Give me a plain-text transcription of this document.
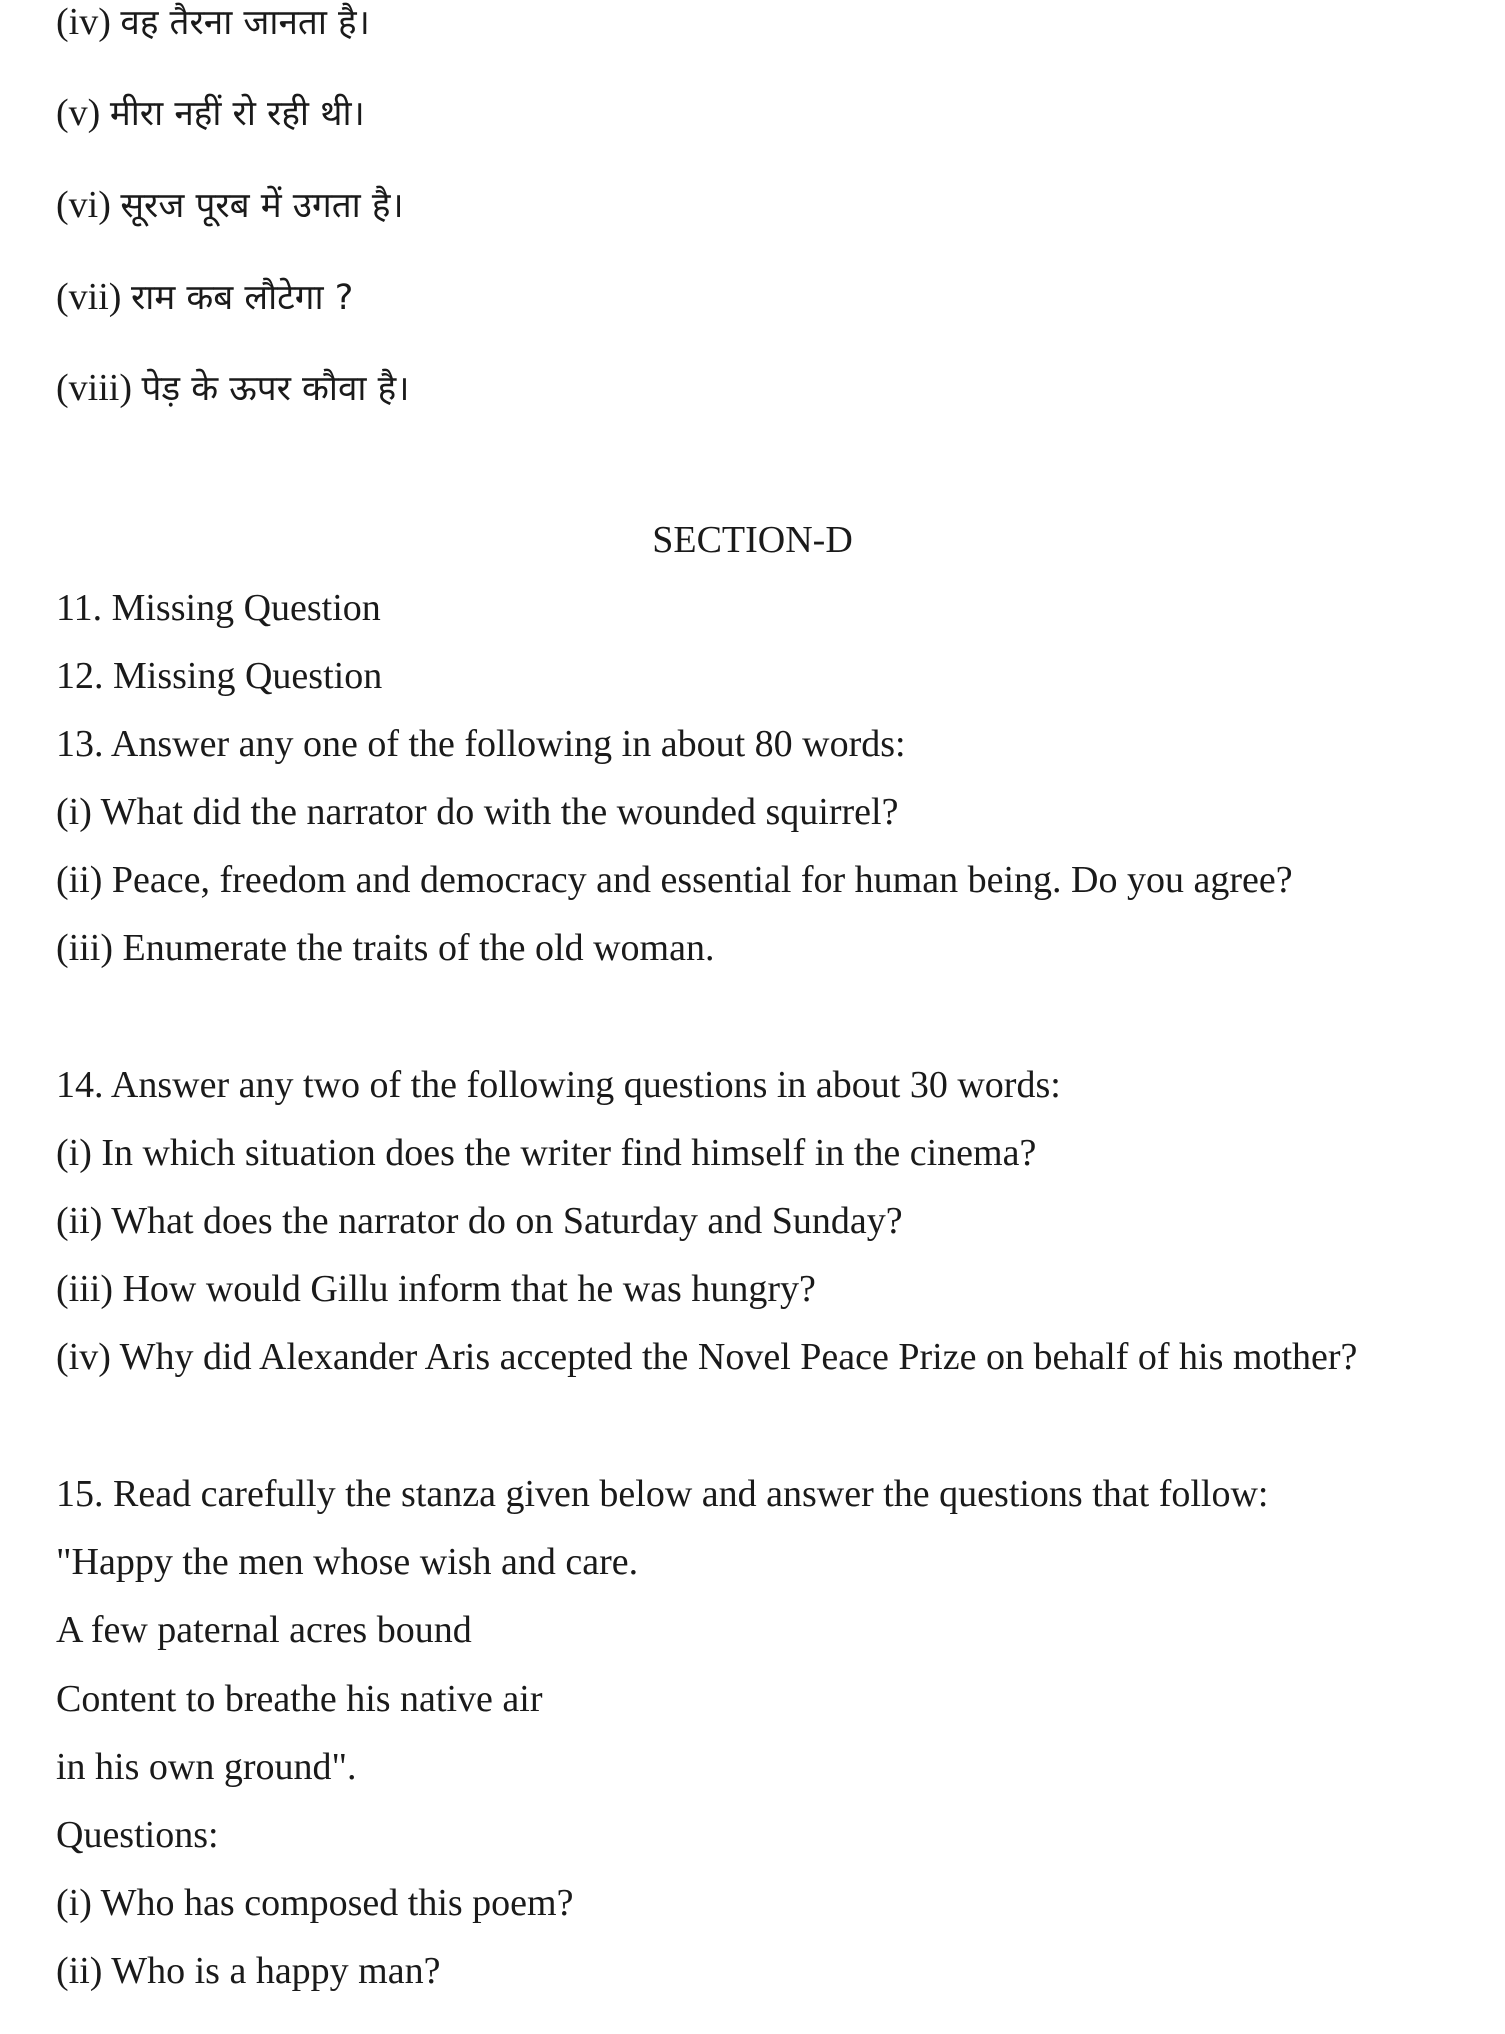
(iv) वह तैरना जानता है।
(v) मीरा नहीं रो रही थी।
(vi) सूरज पूरब में उगता है।
(vii) राम कब लौटेगा ?
(viii) पेड़ के ऊपर कौवा है।
SECTION-D
11. Missing Question
12. Missing Question
13. Answer any one of the following in about 80 words:
(i) What did the narrator do with the wounded squirrel?
(ii) Peace, freedom and democracy and essential for human being. Do you agree?
(iii) Enumerate the traits of the old woman.
14. Answer any two of the following questions in about 30 words:
(i) In which situation does the writer find himself in the cinema?
(ii) What does the narrator do on Saturday and Sunday?
(iii) How would Gillu inform that he was hungry?
(iv) Why did Alexander Aris accepted the Novel Peace Prize on behalf of his mother?
15. Read carefully the stanza given below and answer the questions that follow:
"Happy the men whose wish and care.
A few paternal acres bound
Content to breathe his native air
in his own ground".
Questions:
(i) Who has composed this poem?
(ii) Who is a happy man?
